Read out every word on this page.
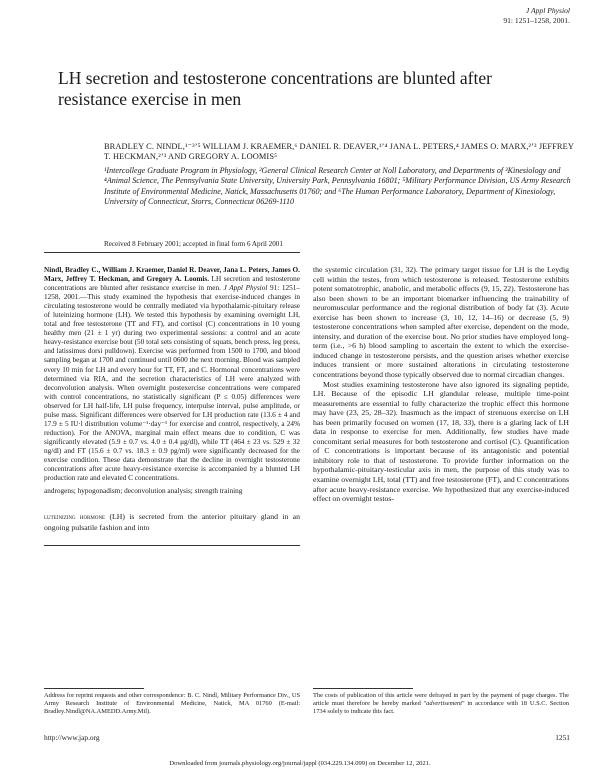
J Appl Physiol
91: 1251–1258, 2001.
LH secretion and testosterone concentrations are blunted after resistance exercise in men
BRADLEY C. NINDL,¹⁻³ʼ⁵ WILLIAM J. KRAEMER,⁶ DANIEL R. DEAVER,¹ʼ⁴ JANA L. PETERS,⁴ JAMES O. MARX,²ʼ³ JEFFREY T. HECKMAN,²ʼ³ AND GREGORY A. LOOMIS⁵
¹Intercollege Graduate Program in Physiology, ²General Clinical Research Center at Noll Laboratory, and Departments of ³Kinesiology and ⁴Animal Science, The Pennsylvania State University, University Park, Pennsylvania 16801; ⁵Military Performance Division, US Army Research Institute of Environmental Medicine, Natick, Massachusetts 01760; and ⁶The Human Performance Laboratory, Department of Kinesiology, University of Connecticut, Storrs, Connecticut 06269-1110
Received 8 February 2001; accepted in final form 6 April 2001

Nindl, Bradley C., William J. Kraemer, Daniel R. Deaver, Jana L. Peters, James O. Marx, Jeffrey T. Heckman, and Gregory A. Loomis. LH secretion and testosterone concentrations are blunted after resistance exercise in men. J Appl Physiol 91: 1251–1258, 2001.—This study examined the hypothesis that exercise-induced changes in circulating testosterone would be centrally mediated via hypothalamic-pituitary release of luteinizing hormone (LH). We tested this hypothesis by examining overnight LH, total and free testosterone (TT and FT), and cortisol (C) concentrations in 10 young healthy men (21 ± 1 yr) during two experimental sessions: a control and an acute heavy-resistance exercise bout (50 total sets consisting of squats, bench press, leg press, and latissimus dorsi pulldown). Exercise was performed from 1500 to 1700, and blood sampling began at 1700 and continued until 0600 the next morning. Blood was sampled every 10 min for LH and every hour for TT, FT, and C. Hormonal concentrations were determined via RIA, and the secretion characteristics of LH were analyzed with deconvolution analysis. When overnight postexercise concentrations were compared with control concentrations, no statistically significant (P ≤ 0.05) differences were observed for LH half-life, LH pulse frequency, interpulse interval, pulse amplitude, or pulse mass. Significant differences were observed for LH production rate (13.6 ± 4 and 17.9 ± 5 IU·l distribution volume⁻¹·day⁻¹ for exercise and control, respectively, a 24% reduction). For the ANOVA, marginal main effect means due to condition, C was significantly elevated (5.9 ± 0.7 vs. 4.0 ± 0.4 μg/dl), while TT (464 ± 23 vs. 529 ± 32 ng/dl) and FT (15.6 ± 0.7 vs. 18.3 ± 0.9 pg/ml) were significantly decreased for the exercise condition. These data demonstrate that the decline in overnight testosterone concentrations after acute heavy-resistance exercise is accompanied by a blunted LH production rate and elevated C concentrations.

androgens; hypogonadism; deconvolution analysis; strength training

luteinizing hormone (LH) is secreted from the anterior pituitary gland in an ongoing pulsatile fashion and into

the systemic circulation (31, 32). The primary target tissue for LH is the Leydig cell within the testes, from which testosterone is released. Testosterone exhibits potent somatotrophic, anabolic, and metabolic effects (9, 15, 22). Testosterone has also been shown to be an important biomarker influencing the trainability of neuromuscular performance and the regional distribution of body fat (3). Acute exercise has been shown to increase (3, 10, 12, 14–16) or decrease (5, 9) testosterone concentrations when sampled after exercise, dependent on the mode, intensity, and duration of the exercise bout. No prior studies have employed long-term (i.e., >6 h) blood sampling to ascertain the extent to which the exercise-induced change in testosterone persists, and the question arises whether exercise induces transient or more sustained alterations in circulating testosterone concentrations beyond those typically observed due to normal circadian changes.

Most studies examining testosterone have also ignored its signaling peptide, LH. Because of the episodic LH glandular release, multiple time-point measurements are essential to fully characterize the trophic effect this hormone may have (23, 25, 28–32). Inasmuch as the impact of strenuous exercise on LH has been primarily focused on women (17, 18, 33), there is a glaring lack of LH data in response to exercise for men. Additionally, few studies have made concomitant serial measures for both testosterone and cortisol (C). Quantification of C concentrations is important because of its antagonistic and potential inhibitory role to that of testosterone. To provide further information on the hypothalamic-pituitary-testicular axis in men, the purpose of this study was to examine overnight LH, total (TT) and free testosterone (FT), and C concentrations after acute heavy-resistance exercise. We hypothesized that any exercise-induced effect on overnight testos-

Address for reprint requests and other correspondence: B. C. Nindl, Military Performance Div., US Army Research Institute of Environmental Medicine, Natick, MA 01760 (E-mail: Bradley.Nindl@NA.AMEDD.Army.Mil).
The costs of publication of this article were defrayed in part by the payment of page charges. The article must therefore be hereby marked "advertisement" in accordance with 18 U.S.C. Section 1734 solely to indicate this fact.
http://www.jap.org	1251
Downloaded from journals.physiology.org/journal/jappl (034.229.134.099) on December 12, 2021.
